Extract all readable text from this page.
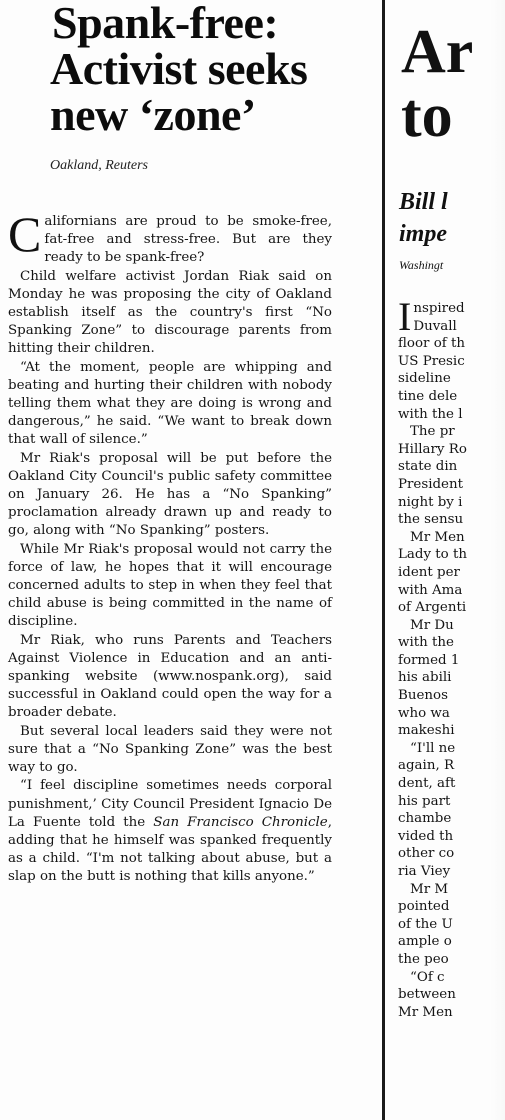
Spank-free:
Activist seeks
new ‘zone’
Oakland, Reuters

Californians are proud to be smoke-free, fat-free and stress-free. But are they ready to be spank-free?

Child welfare activist Jordan Riak said on Monday he was proposing the city of Oakland establish itself as the country's first “No Spanking Zone” to discourage parents from hitting their children.

“At the moment, people are whipping and beating and hurting their children with nobody telling them what they are doing is wrong and dangerous,” he said. “We want to break down that wall of silence.”

Mr Riak's proposal will be put before the Oakland City Council's public safety committee on January 26. He has a “No Spanking” proclamation already drawn up and ready to go, along with “No Spanking” posters.

While Mr Riak's proposal would not carry the force of law, he hopes that it will encourage concerned adults to step in when they feel that child abuse is being committed in the name of discipline.

Mr Riak, who runs Parents and Teachers Against Violence in Education and an anti-spanking website (www.nospank.org), said successful in Oakland could open the way for a broader debate.

But several local leaders said they were not sure that a “No Spanking Zone” was the best way to go.

“I feel discipline sometimes needs corporal punishment,’ City Council President Ignacio De La Fuente told the San Francisco Chronicle, adding that he himself was spanked frequently as a child. “I'm not talking about abuse, but a slap on the butt is nothing that kills anyone.”

Ar
to
Bill l
impe
Washingt
I nspired
Duvall
floor of th
US Presic
sideline
tine dele
with the l
The pr
Hillary Ro
state din
President
night by i
the sensu
Mr Men
Lady to th
ident per
with Ama
of Argenti
Mr Du
with the
formed 1
his abili
Buenos
who wa
makeshi
“I'll ne
again, R
dent, aft
his part
chambe
vided th
other co
ria Viey
Mr M
pointed
of the U
ample o
the peo
“Of c
between
Mr Men
